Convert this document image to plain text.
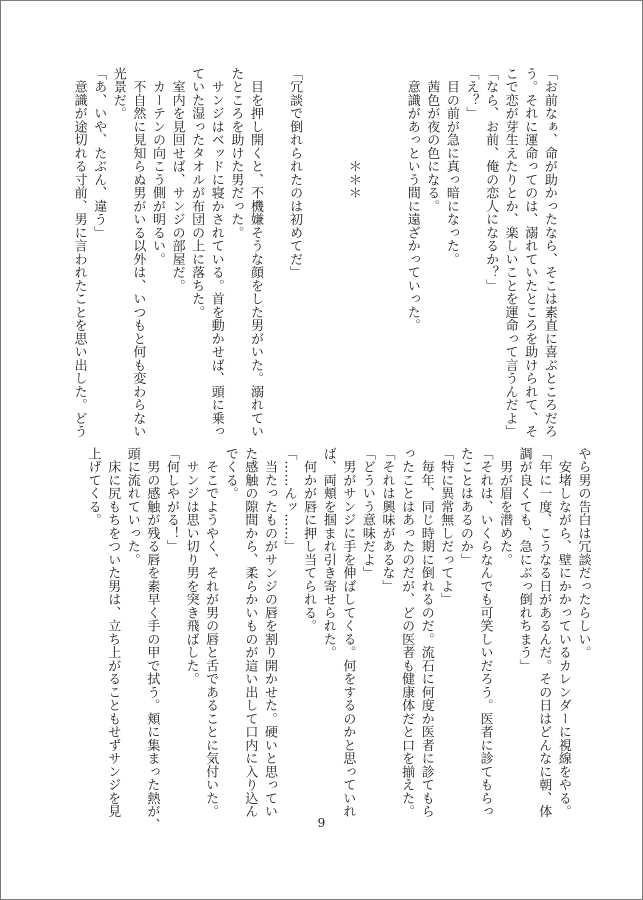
「お前なぁ、命が助かったなら、そこは素直に喜ぶところだろ

う。それに運命ってのは、溺れていたところを助けられて、そ

こで恋が芽生えたりとか、楽しいことを運命って言うんだよ」

「なら、お前、俺の恋人になるか？」

「え？」

　目の前が急に真っ暗になった。

　茜色が夜の色になる。

　意識があっという間に遠ざかっていった。

　　　　　　　＊＊＊

「冗談で倒れられたのは初めてだ」

　目を押し開くと、不機嫌そうな顔をした男がいた。溺れてい

たところを助けた男だった。

　サンジはベッドに寝かされている。首を動かせば、頭に乗っ

ていた湿ったタオルが布団の上に落ちた。

　室内を見回せば、サンジの部屋だ。

　カーテンの向こう側が明るい。

　不自然に見知らぬ男がいる以外は、いつもと何も変わらない

光景だ。

「あ、いや、たぶん、違う」

　意識が途切れる寸前、男に言われたことを思い出した。どう

やら男の告白は冗談だったらしい。

　安堵しながら、壁にかかっているカレンダーに視線をやる。

「年に一度、こうなる日があるんだ。その日はどんなに朝、体

調が良くても、急にぶっ倒れちまう」

　男が眉を潜めた。

「それは、いくらなんでも可笑しいだろう。医者に診てもらっ

たことはあるのか」

「特に異常無しだってよ」

　毎年、同じ時期に倒れるのだ。流石に何度か医者に診てもら

ったことはあったのだが、どの医者も健康体だと口を揃えた。

「それは興味があるな」

「どういう意味だよ」

　男がサンジに手を伸ばしてくる。何をするのかと思っていれ

ば、両頬を掴まれ引き寄せられた。

　何かが唇に押し当てられる。

「……んッ……」

　当たったものがサンジの唇を割り開かせた。硬いと思ってい

た感触の隙間から、柔らかいものが這い出して口内に入り込ん

でくる。

　そこでようやく、それが男の唇と舌であることに気付いた。

　サンジは思い切り男を突き飛ばした。

「何しやがる！」

　男の感触が残る唇を素早く手の甲で拭う。頬に集まった熱が、

頭に流れていった。

　床に尻もちをついた男は、立ち上がることもせずサンジを見

上げてくる。

9
